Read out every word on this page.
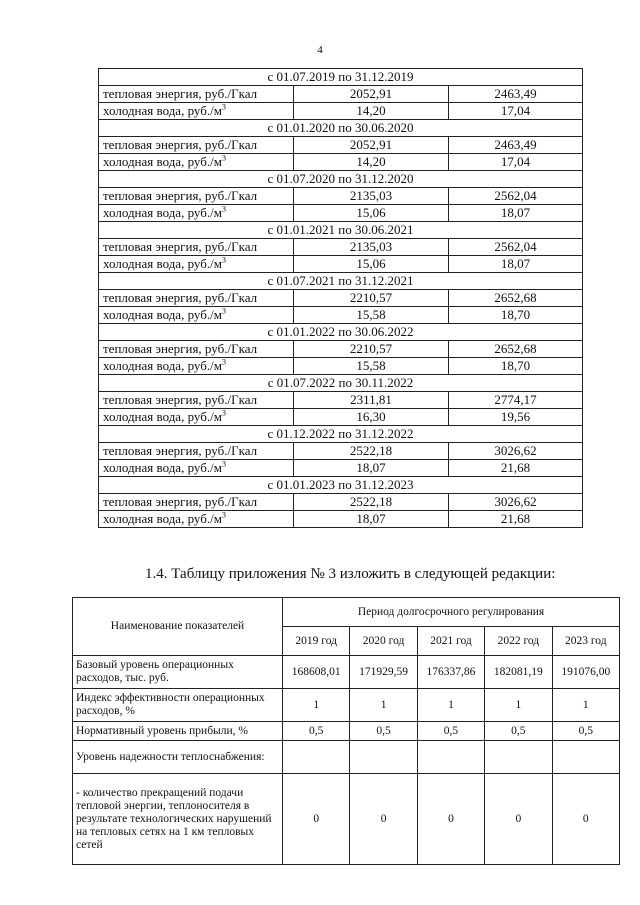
4
с 01.07.2019 по 31.12.2019		
тепловая энергия, руб./Гкал	2052,91	2463,49
холодная вода, $руб./м^3$	14,20	17,04
с 01.01.2020 по 30.06.2020		
тепловая энергия, руб./Гкал	2052,91	2463,49
холодная вода, $руб./м^3$	14,20	17,04
с 01.07.2020 по 31.12.2020		
тепловая энергия, руб./Гкал	2135,03	2562,04
холодная вода, $руб./м^3$	15,06	18,07
с 01.01.2021 по 30.06.2021		
тепловая энергия, руб./Гкал	2135,03	2562,04
холодная вода, $руб./м^3$	15,06	18,07
с 01.07.2021 по 31.12.2021		
тепловая энергия, руб./Гкал	2210,57	2652,68
холодная вода, $руб./м^3$	15,58	18,70
с 01.01.2022 по 30.06.2022		
тепловая энергия, руб./Гкал	2210,57	2652,68
холодная вода, $руб./м^3$	15,58	18,70
с 01.07.2022 по 30.11.2022		
тепловая энергия, руб./Гкал	2311,81	2774,17
холодная вода, $руб./м^3$	16,30	19,56
с 01.12.2022 по 31.12.2022		
тепловая энергия, руб./Гкал	2522,18	3026,62
холодная вода, $руб./м^3$	18,07	21,68
с 01.01.2023 по 31.12.2023		
тепловая энергия, руб./Гкал	2522,18	3026,62
холодная вода, $руб./м^3$	18,07	21,68
1.4. Таблицу приложения № 3 изложить в следующей редакции:
Наименование показателей	Период долгосрочного регулирования				
	2019 год	2020 год	2021 год	2022 год	2023 год
Базовый уровень операционных расходов, тыс. руб.	168608,01	171929,59	176337,86	182081,19	191076,00
Индекс эффективности операционных расходов, %	1	1	1	1	1
Нормативный уровень прибыли, %	0,5	0,5	0,5	0,5	0,5
Уровень надежности теплоснабжения:					
- количество прекращений подачи тепловой энергии, теплоносителя в результате технологических нарушений на тепловых сетях на 1 км тепловых сетей	0	0	0	0	0
